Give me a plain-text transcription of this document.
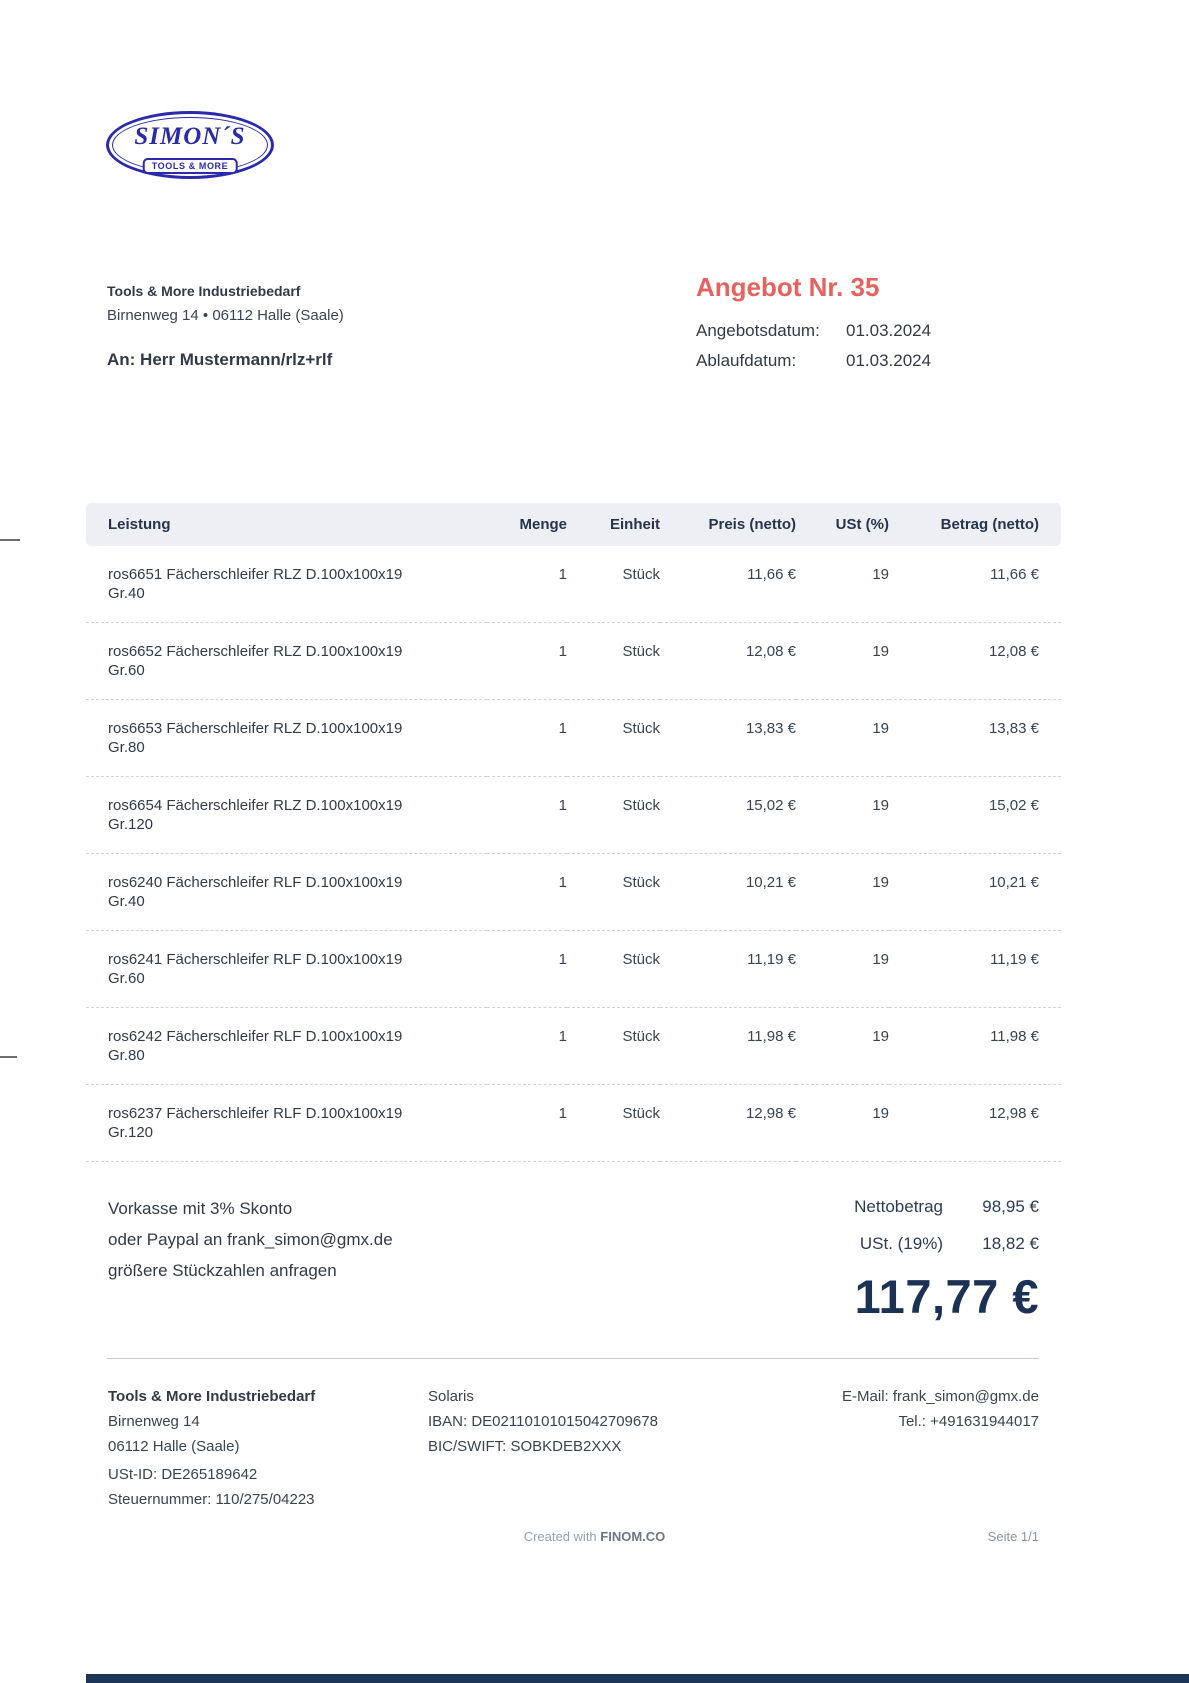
SIMON´S
TOOLS & MORE
Tools & More Industriebedarf
Birnenweg 14 • 06112 Halle (Saale)
An: Herr Mustermann/rlz+rlf
Angebot Nr. 35
Angebotsdatum:	01.03.2024
Ablaufdatum:	01.03.2024
Leistung	Menge	Einheit	Preis (netto)	USt (%)	Betrag (netto)

ros6651 Fächerschleifer RLZ D.100x100x19
Gr.40	1	Stück	11,66 €	19	11,66 €

ros6652 Fächerschleifer RLZ D.100x100x19
Gr.60	1	Stück	12,08 €	19	12,08 €

ros6653 Fächerschleifer RLZ D.100x100x19
Gr.80	1	Stück	13,83 €	19	13,83 €

ros6654 Fächerschleifer RLZ D.100x100x19
Gr.120	1	Stück	15,02 €	19	15,02 €

ros6240 Fächerschleifer RLF D.100x100x19
Gr.40	1	Stück	10,21 €	19	10,21 €

ros6241 Fächerschleifer RLF D.100x100x19
Gr.60	1	Stück	11,19 €	19	11,19 €

ros6242 Fächerschleifer RLF D.100x100x19
Gr.80	1	Stück	11,98 €	19	11,98 €

ros6237 Fächerschleifer RLF D.100x100x19
Gr.120	1	Stück	12,98 €	19	12,98 €
Vorkasse mit 3% Skonto
oder Paypal an frank_simon@gmx.de
größere Stückzahlen anfragen
Nettobetrag	98,95 €
USt. (19%)	18,82 €
117,77 €
Tools & More Industriebedarf
Birnenweg 14
06112 Halle (Saale)
USt-ID: DE265189642
Steuernummer: 110/275/04223
Solaris
IBAN: DE02110101015042709678
BIC/SWIFT: SOBKDEB2XXX
E-Mail: frank_simon@gmx.de
Tel.: +491631944017
Created with FINOM.CO	Seite 1/1
